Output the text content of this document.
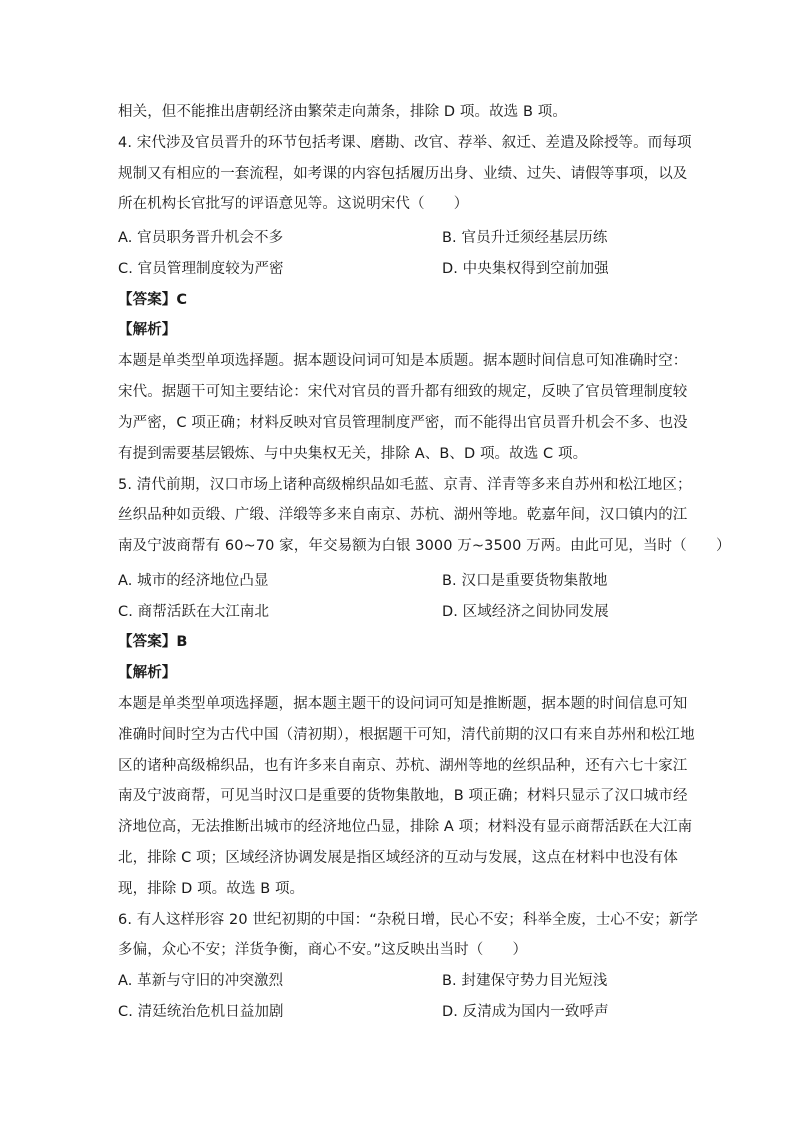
相关，但不能推出唐朝经济由繁荣走向萧条，排除 D 项。故选 B 项。
4. 宋代涉及官员晋升的环节包括考课、磨勘、改官、荐举、叙迁、差遣及除授等。而每项
规制又有相应的一套流程，如考课的内容包括履历出身、业绩、过失、请假等事项，以及
所在机构长官批写的评语意见等。这说明宋代（　　）
A. 官员职务晋升机会不多	B. 官员升迁须经基层历练
C. 官员管理制度较为严密	D. 中央集权得到空前加强
【答案】C
【解析】
本题是单类型单项选择题。据本题设问词可知是本质题。据本题时间信息可知准确时空：
宋代。据题干可知主要结论：宋代对官员的晋升都有细致的规定，反映了官员管理制度较
为严密，C 项正确；材料反映对官员管理制度严密，而不能得出官员晋升机会不多、也没
有提到需要基层锻炼、与中央集权无关，排除 A、B、D 项。故选 C 项。
5. 清代前期，汉口市场上诸种高级棉织品如毛蓝、京青、洋青等多来自苏州和松江地区；
丝织品种如贡缎、广缎、洋缎等多来自南京、苏杭、湖州等地。乾嘉年间，汉口镇内的江
南及宁波商帮有 60~70 家，年交易额为白银 3000 万~3500 万两。由此可见，当时（　　）
A. 城市的经济地位凸显	B. 汉口是重要货物集散地
C. 商帮活跃在大江南北	D. 区域经济之间协同发展
【答案】B
【解析】
本题是单类型单项选择题，据本题主题干的设问词可知是推断题，据本题的时间信息可知
准确时间时空为古代中国（清初期），根据题干可知，清代前期的汉口有来自苏州和松江地
区的诸种高级棉织品，也有许多来自南京、苏杭、湖州等地的丝织品种，还有六七十家江
南及宁波商帮，可见当时汉口是重要的货物集散地，B 项正确；材料只显示了汉口城市经
济地位高，无法推断出城市的经济地位凸显，排除 A 项；材料没有显示商帮活跃在大江南
北，排除 C 项；区域经济协调发展是指区域经济的互动与发展，这点在材料中也没有体
现，排除 D 项。故选 B 项。
6. 有人这样形容 20 世纪初期的中国：“杂税日增，民心不安；科举全废，士心不安；新学
多偏，众心不安；洋货争衡，商心不安。”这反映出当时（　　）
A. 革新与守旧的冲突激烈	B. 封建保守势力目光短浅
C. 清廷统治危机日益加剧	D. 反清成为国内一致呼声
